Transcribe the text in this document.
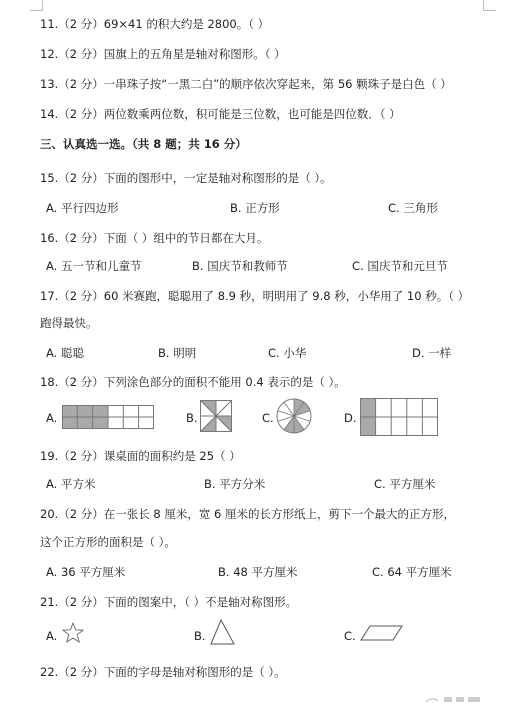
11.（2 分）69×41 的积大约是 2800。（ ）
12.（2 分）国旗上的五角星是轴对称图形。（ ）
13.（2 分）一串珠子按“一黑二白”的顺序依次穿起来，第 56 颗珠子是白色（ ）
14.（2 分）两位数乘两位数，积可能是三位数，也可能是四位数．（ ）
三、认真选一选。（共 8 题；共 16 分）
15.（2 分）下面的图形中，一定是轴对称图形的是（ ）。
A. 平行四边形	B. 正方形	C. 三角形
16.（2 分）下面（ ）组中的节日都在大月。
A. 五一节和儿童节	B. 国庆节和教师节	C. 国庆节和元旦节
17.（2 分）60 米赛跑，聪聪用了 8.9 秒，明明用了 9.8 秒，小华用了 10 秒。（ ）
跑得最快。
A. 聪聪	B. 明明	C. 小华	D. 一样
18.（2 分）下列涂色部分的面积不能用 0.4 表示的是（ ）。
A.	B.	C.	D.
19.（2 分）课桌面的面积约是 25（ ）
A. 平方米	B. 平方分米	C. 平方厘米
20.（2 分）在一张长 8 厘米，宽 6 厘米的长方形纸上，剪下一个最大的正方形，
这个正方形的面积是（ ）。
A. 36 平方厘米	B. 48 平方厘米	C. 64 平方厘米
21.（2 分）下面的图案中，（ ）不是轴对称图形。
A.	B.	C.
22.（2 分）下面的字母是轴对称图形的是（ ）。
